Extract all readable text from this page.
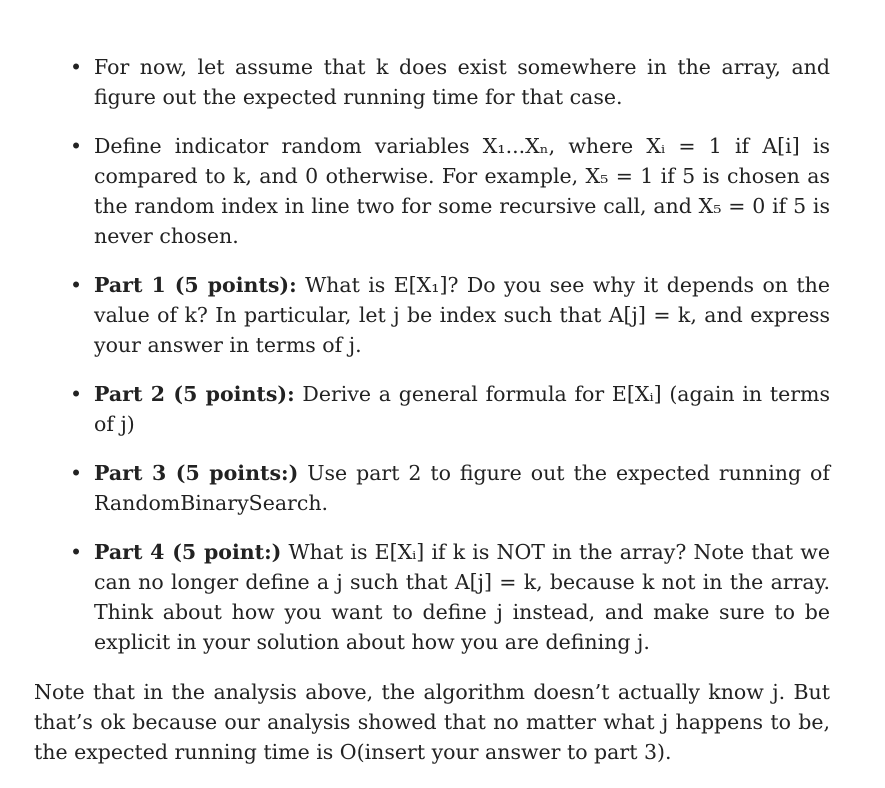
• For now, let assume that k does exist somewhere in the array, and figure out the expected running time for that case.
• Define indicator random variables X₁...Xₙ, where Xᵢ = 1 if A[i] is compared to k, and 0 otherwise. For example, X₅ = 1 if 5 is chosen as the random index in line two for some recursive call, and X₅ = 0 if 5 is never chosen.
• Part 1 (5 points): What is E[X₁]? Do you see why it depends on the value of k? In particular, let j be index such that A[j] = k, and express your answer in terms of j.
• Part 2 (5 points): Derive a general formula for E[Xᵢ] (again in terms of j)
• Part 3 (5 points:) Use part 2 to figure out the expected running of RandomBinarySearch.
• Part 4 (5 point:) What is E[Xᵢ] if k is NOT in the array? Note that we can no longer define a j such that A[j] = k, because k not in the array. Think about how you want to define j instead, and make sure to be explicit in your solution about how you are defining j.

Note that in the analysis above, the algorithm doesn’t actually know j. But that’s ok because our analysis showed that no matter what j happens to be, the expected running time is O(insert your answer to part 3).
